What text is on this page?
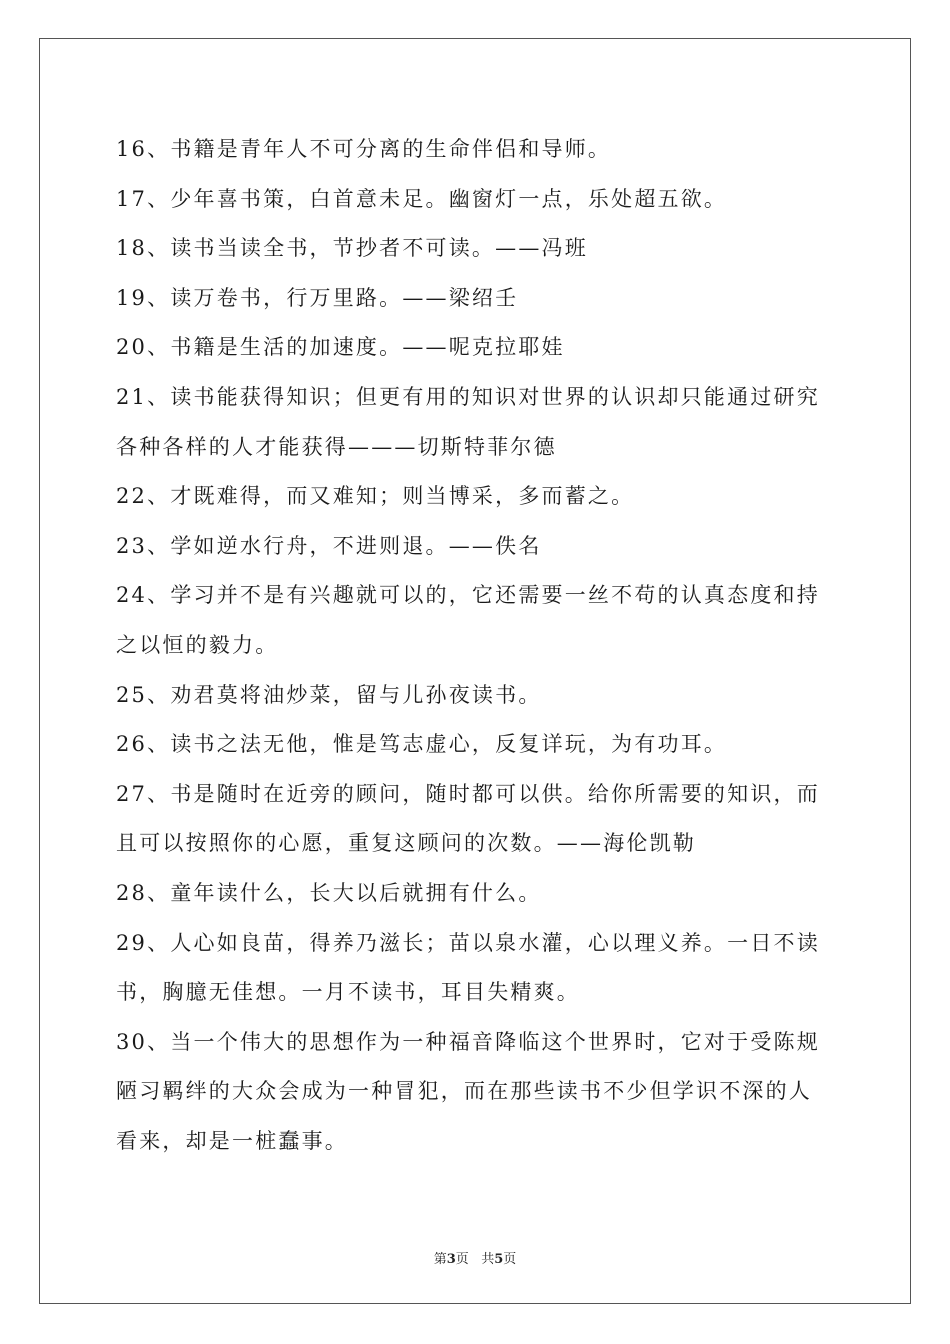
16、书籍是青年人不可分离的生命伴侣和导师。
17、少年喜书策，白首意未足。幽窗灯一点，乐处超五欲。
18、读书当读全书，节抄者不可读。——冯班
19、读万卷书，行万里路。——梁绍壬
20、书籍是生活的加速度。——呢克拉耶娃
21、读书能获得知识；但更有用的知识对世界的认识却只能通过研究
各种各样的人才能获得———切斯特菲尔德
22、才既难得，而又难知；则当博采，多而蓄之。
23、学如逆水行舟，不进则退。——佚名
24、学习并不是有兴趣就可以的，它还需要一丝不苟的认真态度和持
之以恒的毅力。
25、劝君莫将油炒菜，留与儿孙夜读书。
26、读书之法无他，惟是笃志虚心，反复详玩，为有功耳。
27、书是随时在近旁的顾问，随时都可以供。给你所需要的知识，而
且可以按照你的心愿，重复这顾问的次数。——海伦凯勒
28、童年读什么，长大以后就拥有什么。
29、人心如良苗，得养乃滋长；苗以泉水灌，心以理义养。一日不读
书，胸臆无佳想。一月不读书，耳目失精爽。
30、当一个伟大的思想作为一种福音降临这个世界时，它对于受陈规
陋习羁绊的大众会成为一种冒犯，而在那些读书不少但学识不深的人
看来，却是一桩蠢事。
第3页 共5页
